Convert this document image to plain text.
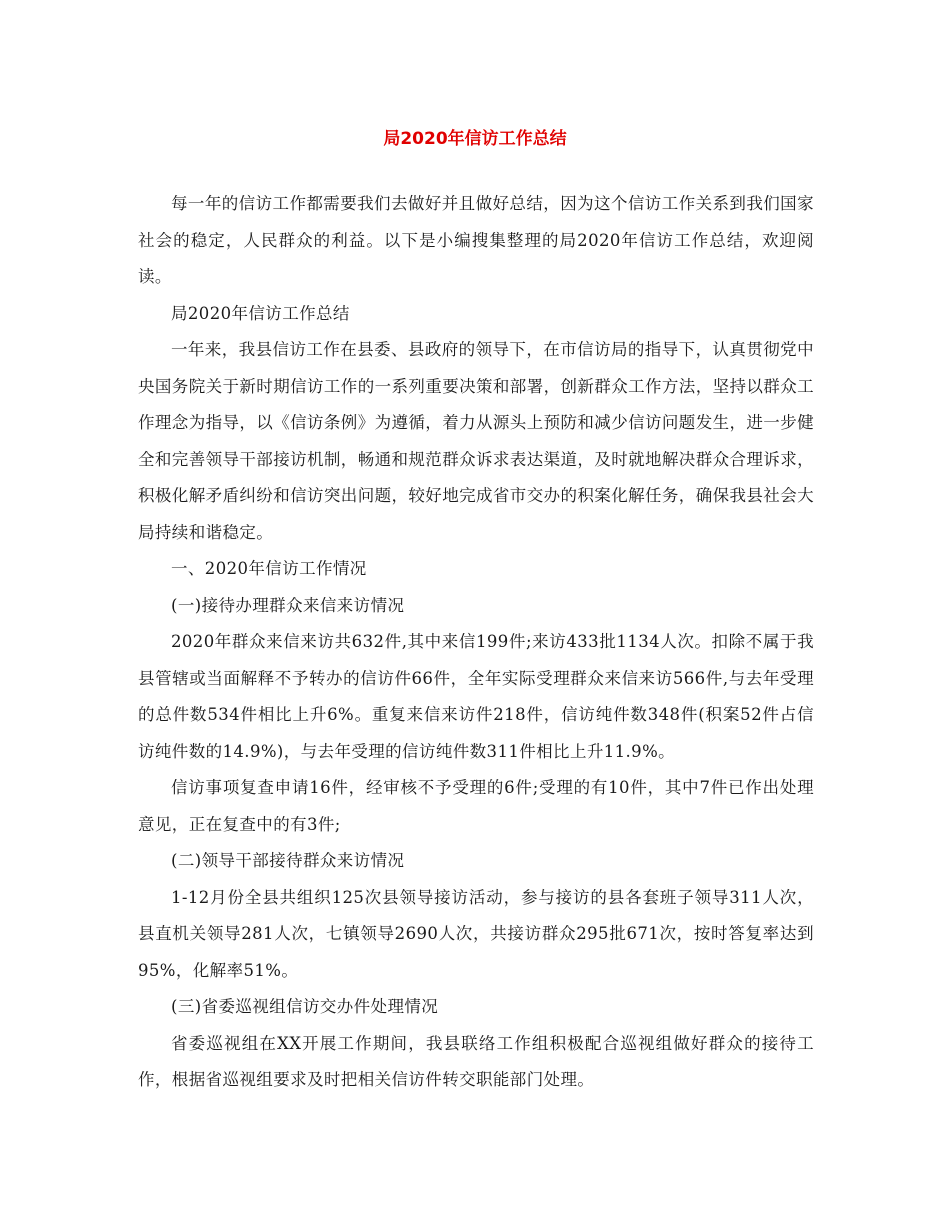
局2020年信访工作总结

每一年的信访工作都需要我们去做好并且做好总结，因为这个信访工作关系到我们国家社会的稳定，人民群众的利益。以下是小编搜集整理的局2020年信访工作总结，欢迎阅读。

局2020年信访工作总结

一年来，我县信访工作在县委、县政府的领导下，在市信访局的指导下，认真贯彻党中央国务院关于新时期信访工作的一系列重要决策和部署，创新群众工作方法，坚持以群众工作理念为指导，以《信访条例》为遵循，着力从源头上预防和减少信访问题发生，进一步健全和完善领导干部接访机制，畅通和规范群众诉求表达渠道，及时就地解决群众合理诉求，积极化解矛盾纠纷和信访突出问题，较好地完成省市交办的积案化解任务，确保我县社会大局持续和谐稳定。

一、2020年信访工作情况

(一)接待办理群众来信来访情况

2020年群众来信来访共632件,其中来信199件;来访433批1134人次。扣除不属于我县管辖或当面解释不予转办的信访件66件，全年实际受理群众来信来访566件,与去年受理的总件数534件相比上升6%。重复来信来访件218件，信访纯件数348件(积案52件占信访纯件数的14.9%)，与去年受理的信访纯件数311件相比上升11.9%。

信访事项复查申请16件，经审核不予受理的6件;受理的有10件，其中7件已作出处理意见，正在复查中的有3件;

(二)领导干部接待群众来访情况

1-12月份全县共组织125次县领导接访活动，参与接访的县各套班子领导311人次，县直机关领导281人次，七镇领导2690人次，共接访群众295批671次，按时答复率达到95%，化解率51%。

(三)省委巡视组信访交办件处理情况

省委巡视组在XX开展工作期间，我县联络工作组积极配合巡视组做好群众的接待工作，根据省巡视组要求及时把相关信访件转交职能部门处理。
